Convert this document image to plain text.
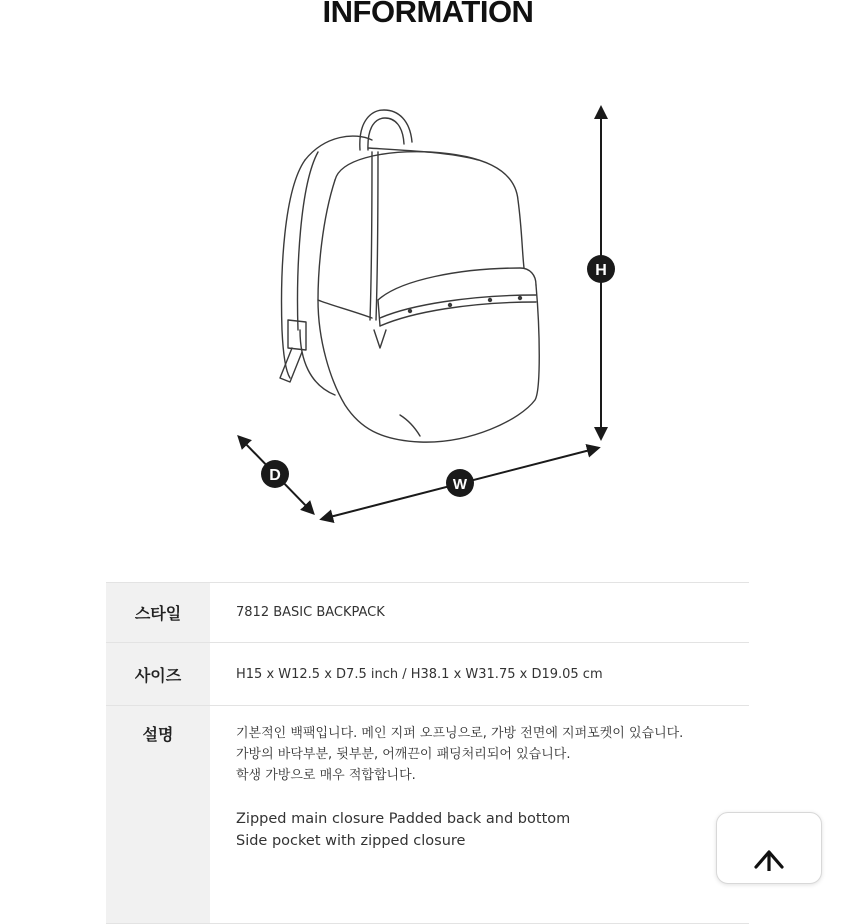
INFORMATION
H
W
D
스타일	7812 BASIC BACKPACK
사이즈	H15 x W12.5 x D7.5 inch / H38.1 x W31.75 x D19.05 cm
설명	기본적인 백팩입니다. 메인 지퍼 오프닝으로, 가방 전면에 지퍼포켓이 있습니다.
가방의 바닥부분, 뒷부분, 어깨끈이 패딩처리되어 있습니다.
학생 가방으로 매우 적합합니다.
Zipped main closure Padded back and bottom
Side pocket with zipped closure
